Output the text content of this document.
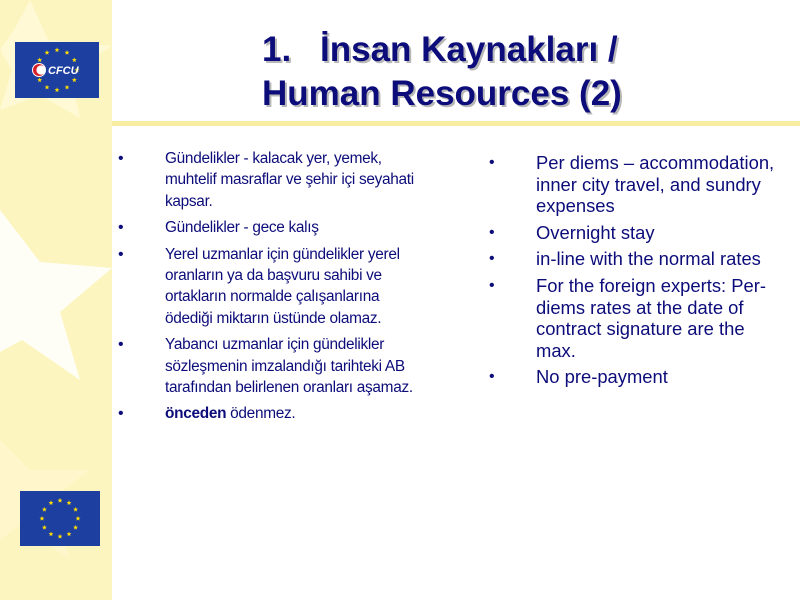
CFCU
1. İnsan Kaynakları /
Human Resources (2)
• Gündelikler - kalacak yer, yemek, muhtelif masraflar ve şehir içi seyahati kapsar.
• Gündelikler - gece kalış
• Yerel uzmanlar için gündelikler yerel oranların ya da başvuru sahibi ve ortakların normalde çalışanlarına ödediği miktarın üstünde olamaz.
• Yabancı uzmanlar için gündelikler sözleşmenin imzalandığı tarihteki AB tarafından belirlenen oranları aşamaz.
• önceden ödenmez.
• Per diems – accommodation, inner city travel, and sundry expenses
• Overnight stay
• in-line with the normal rates
• For the foreign experts: Per-diems rates at the date of contract signature are the max.
• No pre-payment
